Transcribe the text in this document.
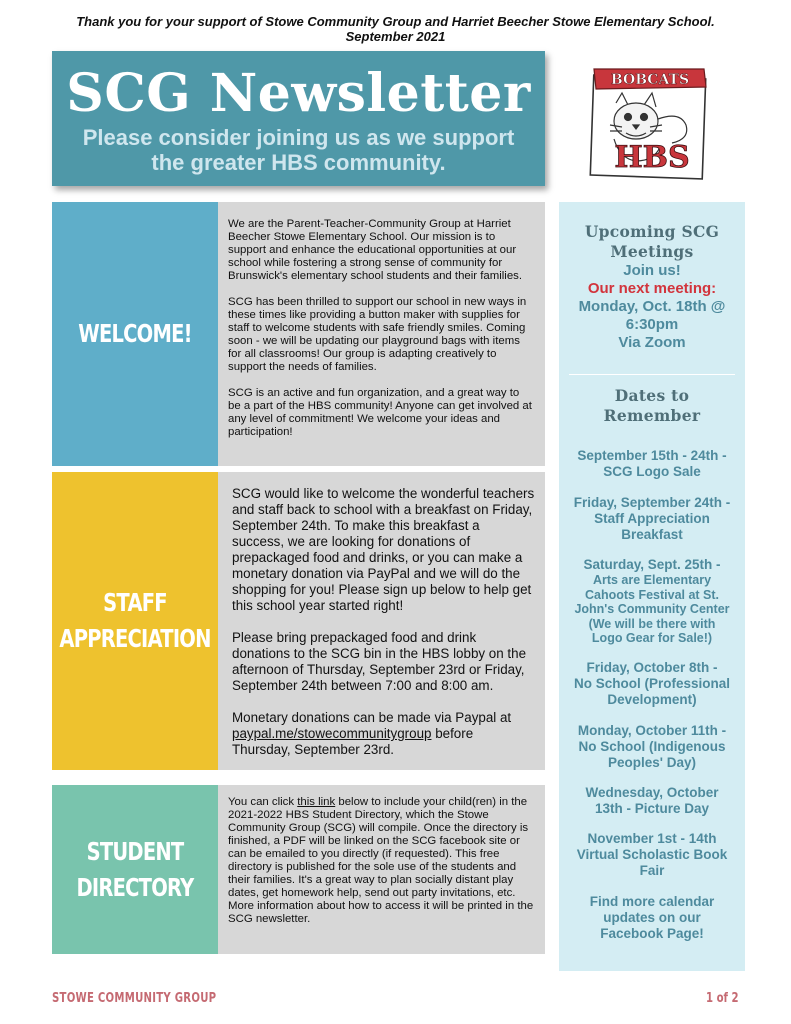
Thank you for your support of Stowe Community Group and Harriet Beecher Stowe Elementary School.
September 2021
SCG Newsletter
Please consider joining us as we support the greater HBS community.
BOBCATS
HBS
WELCOME!

We are the Parent-Teacher-Community Group at Harriet Beecher Stowe Elementary School. Our mission is to support and enhance the educational opportunities at our school while fostering a strong sense of community for Brunswick's elementary school students and their families.

SCG has been thrilled to support our school in new ways in these times like providing a button maker with supplies for staff to welcome students with safe friendly smiles. Coming soon - we will be updating our playground bags with items for all classrooms! Our group is adapting creatively to support the needs of families.

SCG is an active and fun organization, and a great way to be a part of the HBS community! Anyone can get involved at any level of commitment! We welcome your ideas and participation!

STAFF
APPRECIATION

SCG would like to welcome the wonderful teachers and staff back to school with a breakfast on Friday, September 24th. To make this breakfast a success, we are looking for donations of prepackaged food and drinks, or you can make a monetary donation via PayPal and we will do the shopping for you! Please sign up below to help get this school year started right!

Please bring prepackaged food and drink donations to the SCG bin in the HBS lobby on the afternoon of Thursday, September 23rd or Friday, September 24th between 7:00 and 8:00 am.

Monetary donations can be made via Paypal at paypal.me/stowecommunitygroup before Thursday, September 23rd.

STUDENT
DIRECTORY

You can click this link below to include your child(ren) in the 2021-2022 HBS Student Directory, which the Stowe Community Group (SCG) will compile. Once the directory is finished, a PDF will be linked on the SCG facebook site or can be emailed to you directly (if requested). This free directory is published for the sole use of the students and their families. It's a great way to plan socially distant play dates, get homework help, send out party invitations, etc. More information about how to access it will be printed in the SCG newsletter.

Upcoming SCG
Meetings
Join us!
Our next meeting:
Monday, Oct. 18th @
6:30pm
Via Zoom
Dates to
Remember
September 15th - 24th -
SCG Logo Sale
Friday, September 24th -
Staff Appreciation
Breakfast
Saturday, Sept. 25th -
Arts are Elementary
Cahoots Festival at St.
John's Community Center
(We will be there with
Logo Gear for Sale!)
Friday, October 8th -
No School (Professional
Development)
Monday, October 11th -
No School (Indigenous
Peoples' Day)
Wednesday, October
13th - Picture Day
November 1st - 14th
Virtual Scholastic Book
Fair
Find more calendar
updates on our
Facebook Page!
STOWE COMMUNITY GROUP	1 of 2
